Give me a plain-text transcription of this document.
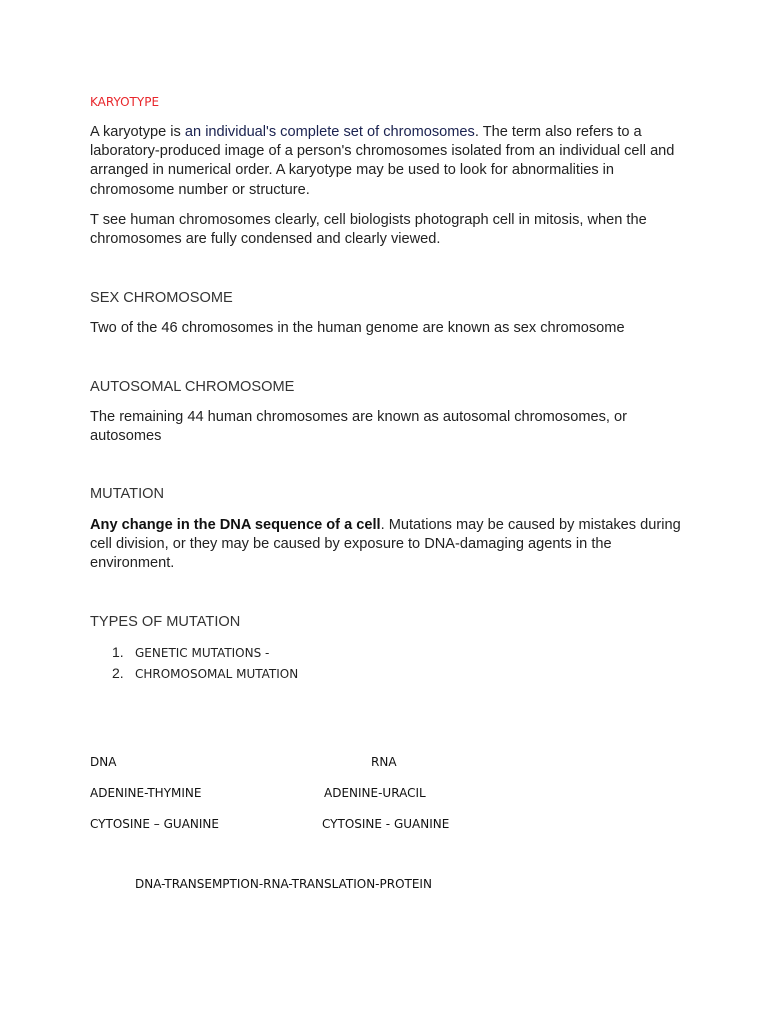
KARYOTYPE
A karyotype is an individual's complete set of chromosomes. The term also refers to a laboratory-produced image of a person's chromosomes isolated from an individual cell and arranged in numerical order. A karyotype may be used to look for abnormalities in chromosome number or structure.
T see human chromosomes clearly, cell biologists photograph cell in mitosis, when the chromosomes are fully condensed and clearly viewed.
SEX CHROMOSOME
Two of the 46 chromosomes in the human genome are known as sex chromosome
AUTOSOMAL CHROMOSOME
The remaining 44 human chromosomes are known as autosomal chromosomes, or autosomes
MUTATION
Any change in the DNA sequence of a cell. Mutations may be caused by mistakes during cell division, or they may be caused by exposure to DNA-damaging agents in the environment.
TYPES OF MUTATION
1. GENETIC MUTATIONS -
2. CHROMOSOMAL MUTATION
DNA	RNA
ADENINE-THYMINE	ADENINE-URACIL
CYTOSINE – GUANINE	CYTOSINE - GUANINE
DNA-TRANSEMPTION-RNA-TRANSLATION-PROTEIN
